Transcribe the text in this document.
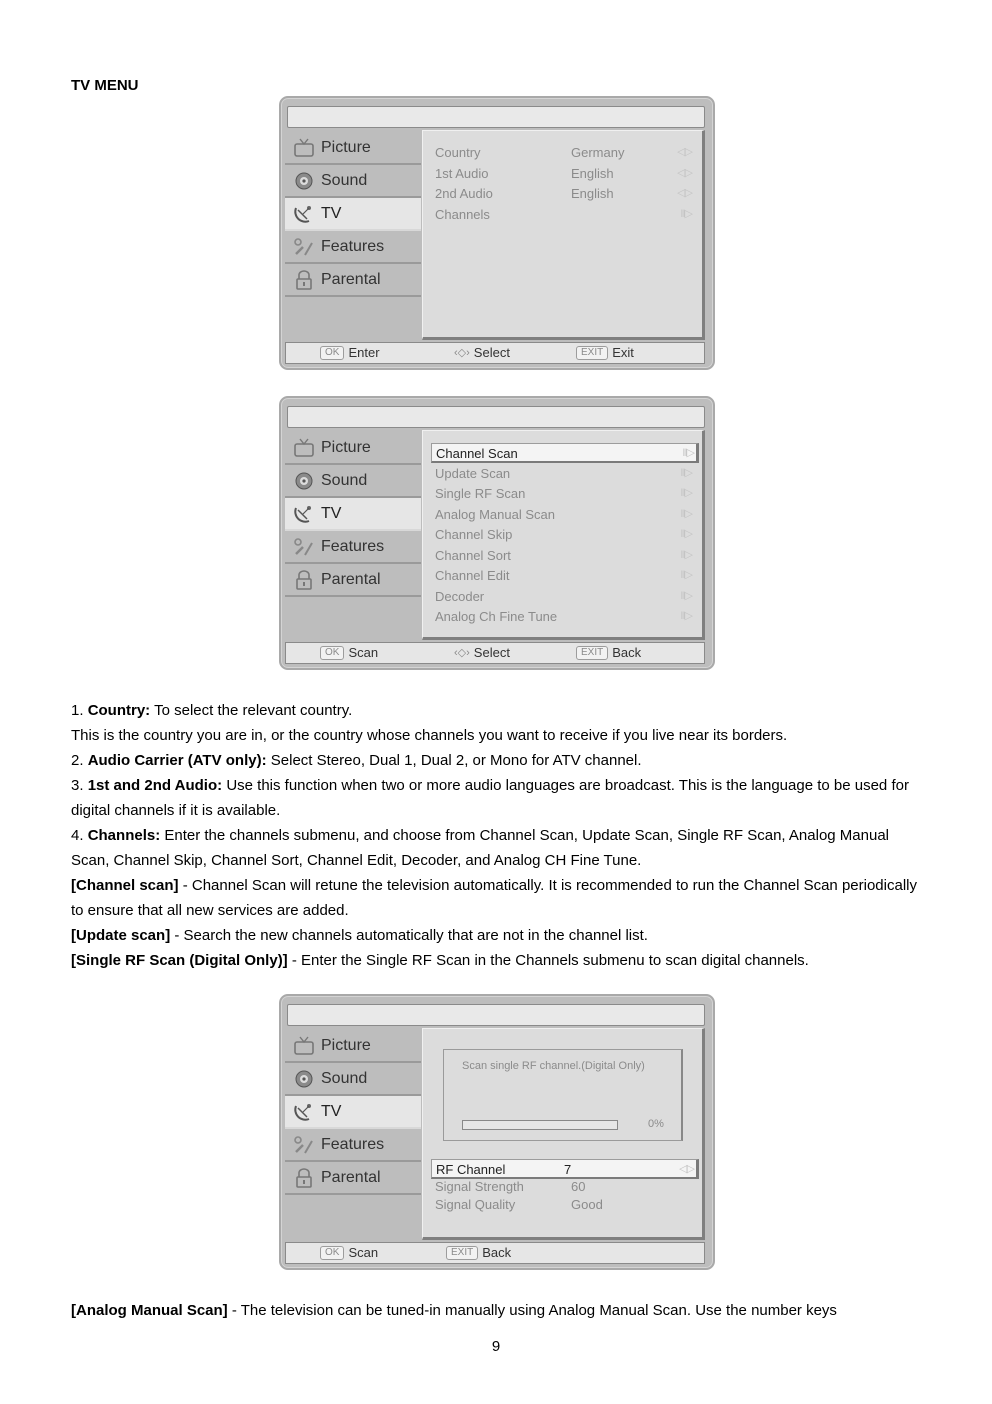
TV MENU
Picture
Sound
TV
Features
Parental
Country	Germany	◁▷
1st Audio	English	◁▷
2nd Audio	English	◁▷
Channels	II▷
OK Enter	‹◇› Select	EXIT Exit
Picture
Sound
TV
Features
Parental
Channel Scan	II▷
Update Scan	II▷
Single RF Scan	II▷
Analog Manual Scan	II▷
Channel Skip	II▷
Channel Sort	II▷
Channel Edit	II▷
Decoder	II▷
Analog Ch Fine Tune	II▷
OK Scan	‹◇› Select	EXIT Back

1. Country: To select the relevant country.

This is the country you are in, or the country whose channels you want to receive if you live near its borders.

2. Audio Carrier (ATV only): Select Stereo, Dual 1, Dual 2, or Mono for ATV channel.

3. 1st and 2nd Audio: Use this function when two or more audio languages are broadcast. This is the language to be used for digital channels if it is available.

4. Channels: Enter the channels submenu, and choose from Channel Scan, Update Scan, Single RF Scan, Analog Manual Scan, Channel Skip, Channel Sort, Channel Edit, Decoder, and Analog CH Fine Tune.

[Channel scan] - Channel Scan will retune the television automatically. It is recommended to run the Channel Scan periodically to ensure that all new services are added.

[Update scan] - Search the new channels automatically that are not in the channel list.

[Single RF Scan (Digital Only)] - Enter the Single RF Scan in the Channels submenu to scan digital channels.

Picture
Sound
TV
Features
Parental
Scan single RF channel.(Digital Only)
0%
RF Channel	7	◁▷
Signal Strength	60
Signal Quality	Good
OK Scan	EXIT Back

[Analog Manual Scan] - The television can be tuned-in manually using Analog Manual Scan. Use the number keys

9
